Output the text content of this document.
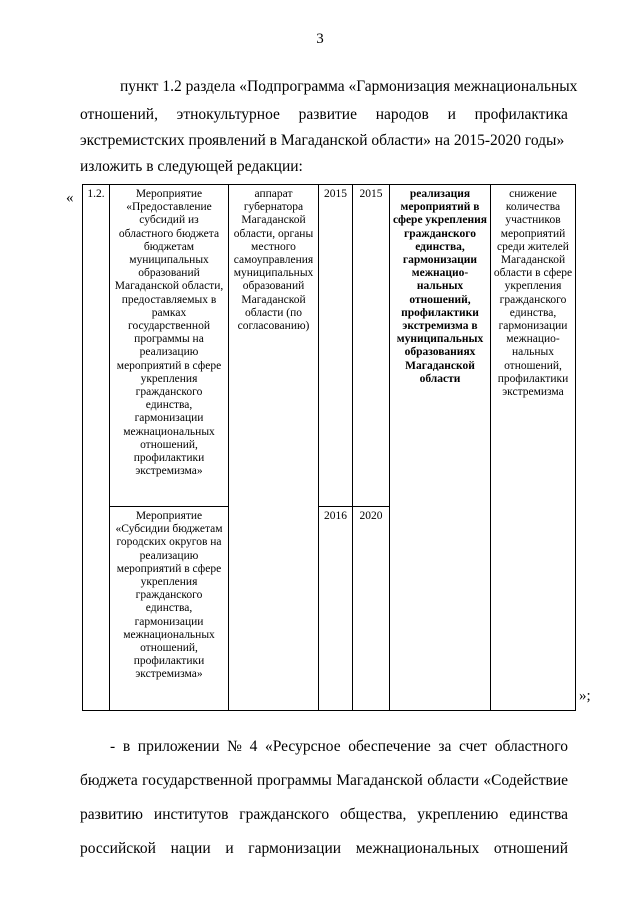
3
пункт 1.2 раздела «Подпрограмма «Гармонизация межнациональных
отношений, этнокультурное развитие народов и профилактика
экстремистских проявлений в Магаданской области» на 2015-2020 годы»
изложить в следующей редакции:
« 1.2.	Мероприятие «Предоставление субсидий из областного бюджета бюджетам муниципальных образований Магаданской области, предоставляемых в рамках государственной программы на реализацию мероприятий в сфере укрепления гражданского единства, гармонизации межнациональных отношений, профилактики экстремизма»	аппарат губернатора Магаданской области, органы местного самоуправления муниципальных образований Магаданской области (по согласованию)	2015	2015	реализация мероприятий в сфере укрепления гражданского единства, гармонизации межнацио-нальных отношений, профилактики экстремизма в муниципальных образованиях Магаданской области	снижение количества участников мероприятий среди жителей Магаданской области в сфере укрепления гражданского единства, гармонизации межнацио-нальных отношений, профилактики экстремизма
	Мероприятие «Субсидии бюджетам городских округов на реализацию мероприятий в сфере укрепления гражданского единства, гармонизации межнациональных отношений, профилактики экстремизма»		2016	2020		
»;
- в приложении № 4 «Ресурсное обеспечение за счет областного
бюджета государственной программы Магаданской области «Содействие
развитию институтов гражданского общества, укреплению единства
российской нации и гармонизации межнациональных отношений
